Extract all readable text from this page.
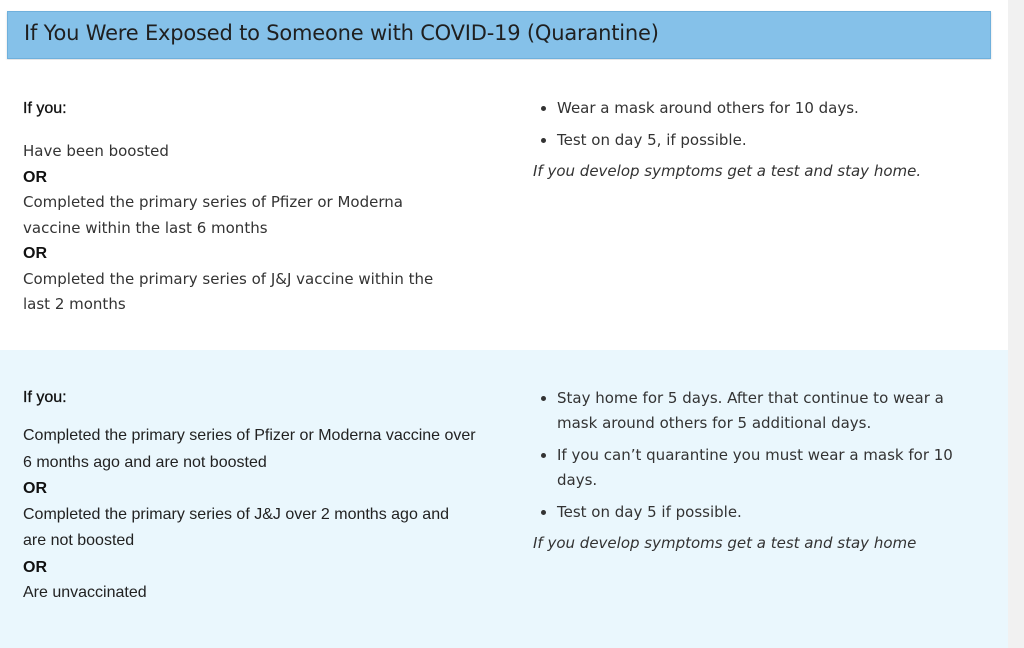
If You Were Exposed to Someone with COVID-19 (Quarantine)

If you:

Have been boosted

OR

Completed the primary series of Pfizer or Moderna vaccine within the last 6 months

OR

Completed the primary series of J&J vaccine within the last 2 months

• Wear a mask around others for 10 days.
• Test on day 5, if possible.

If you develop symptoms get a test and stay home.

If you:

Completed the primary series of Pfizer or Moderna vaccine over 6 months ago and are not boosted

OR

Completed the primary series of J&J over 2 months ago and are not boosted

OR

Are unvaccinated

• Stay home for 5 days. After that continue to wear a mask around others for 5 additional days.
• If you can’t quarantine you must wear a mask for 10 days.
• Test on day 5 if possible.

If you develop symptoms get a test and stay home
